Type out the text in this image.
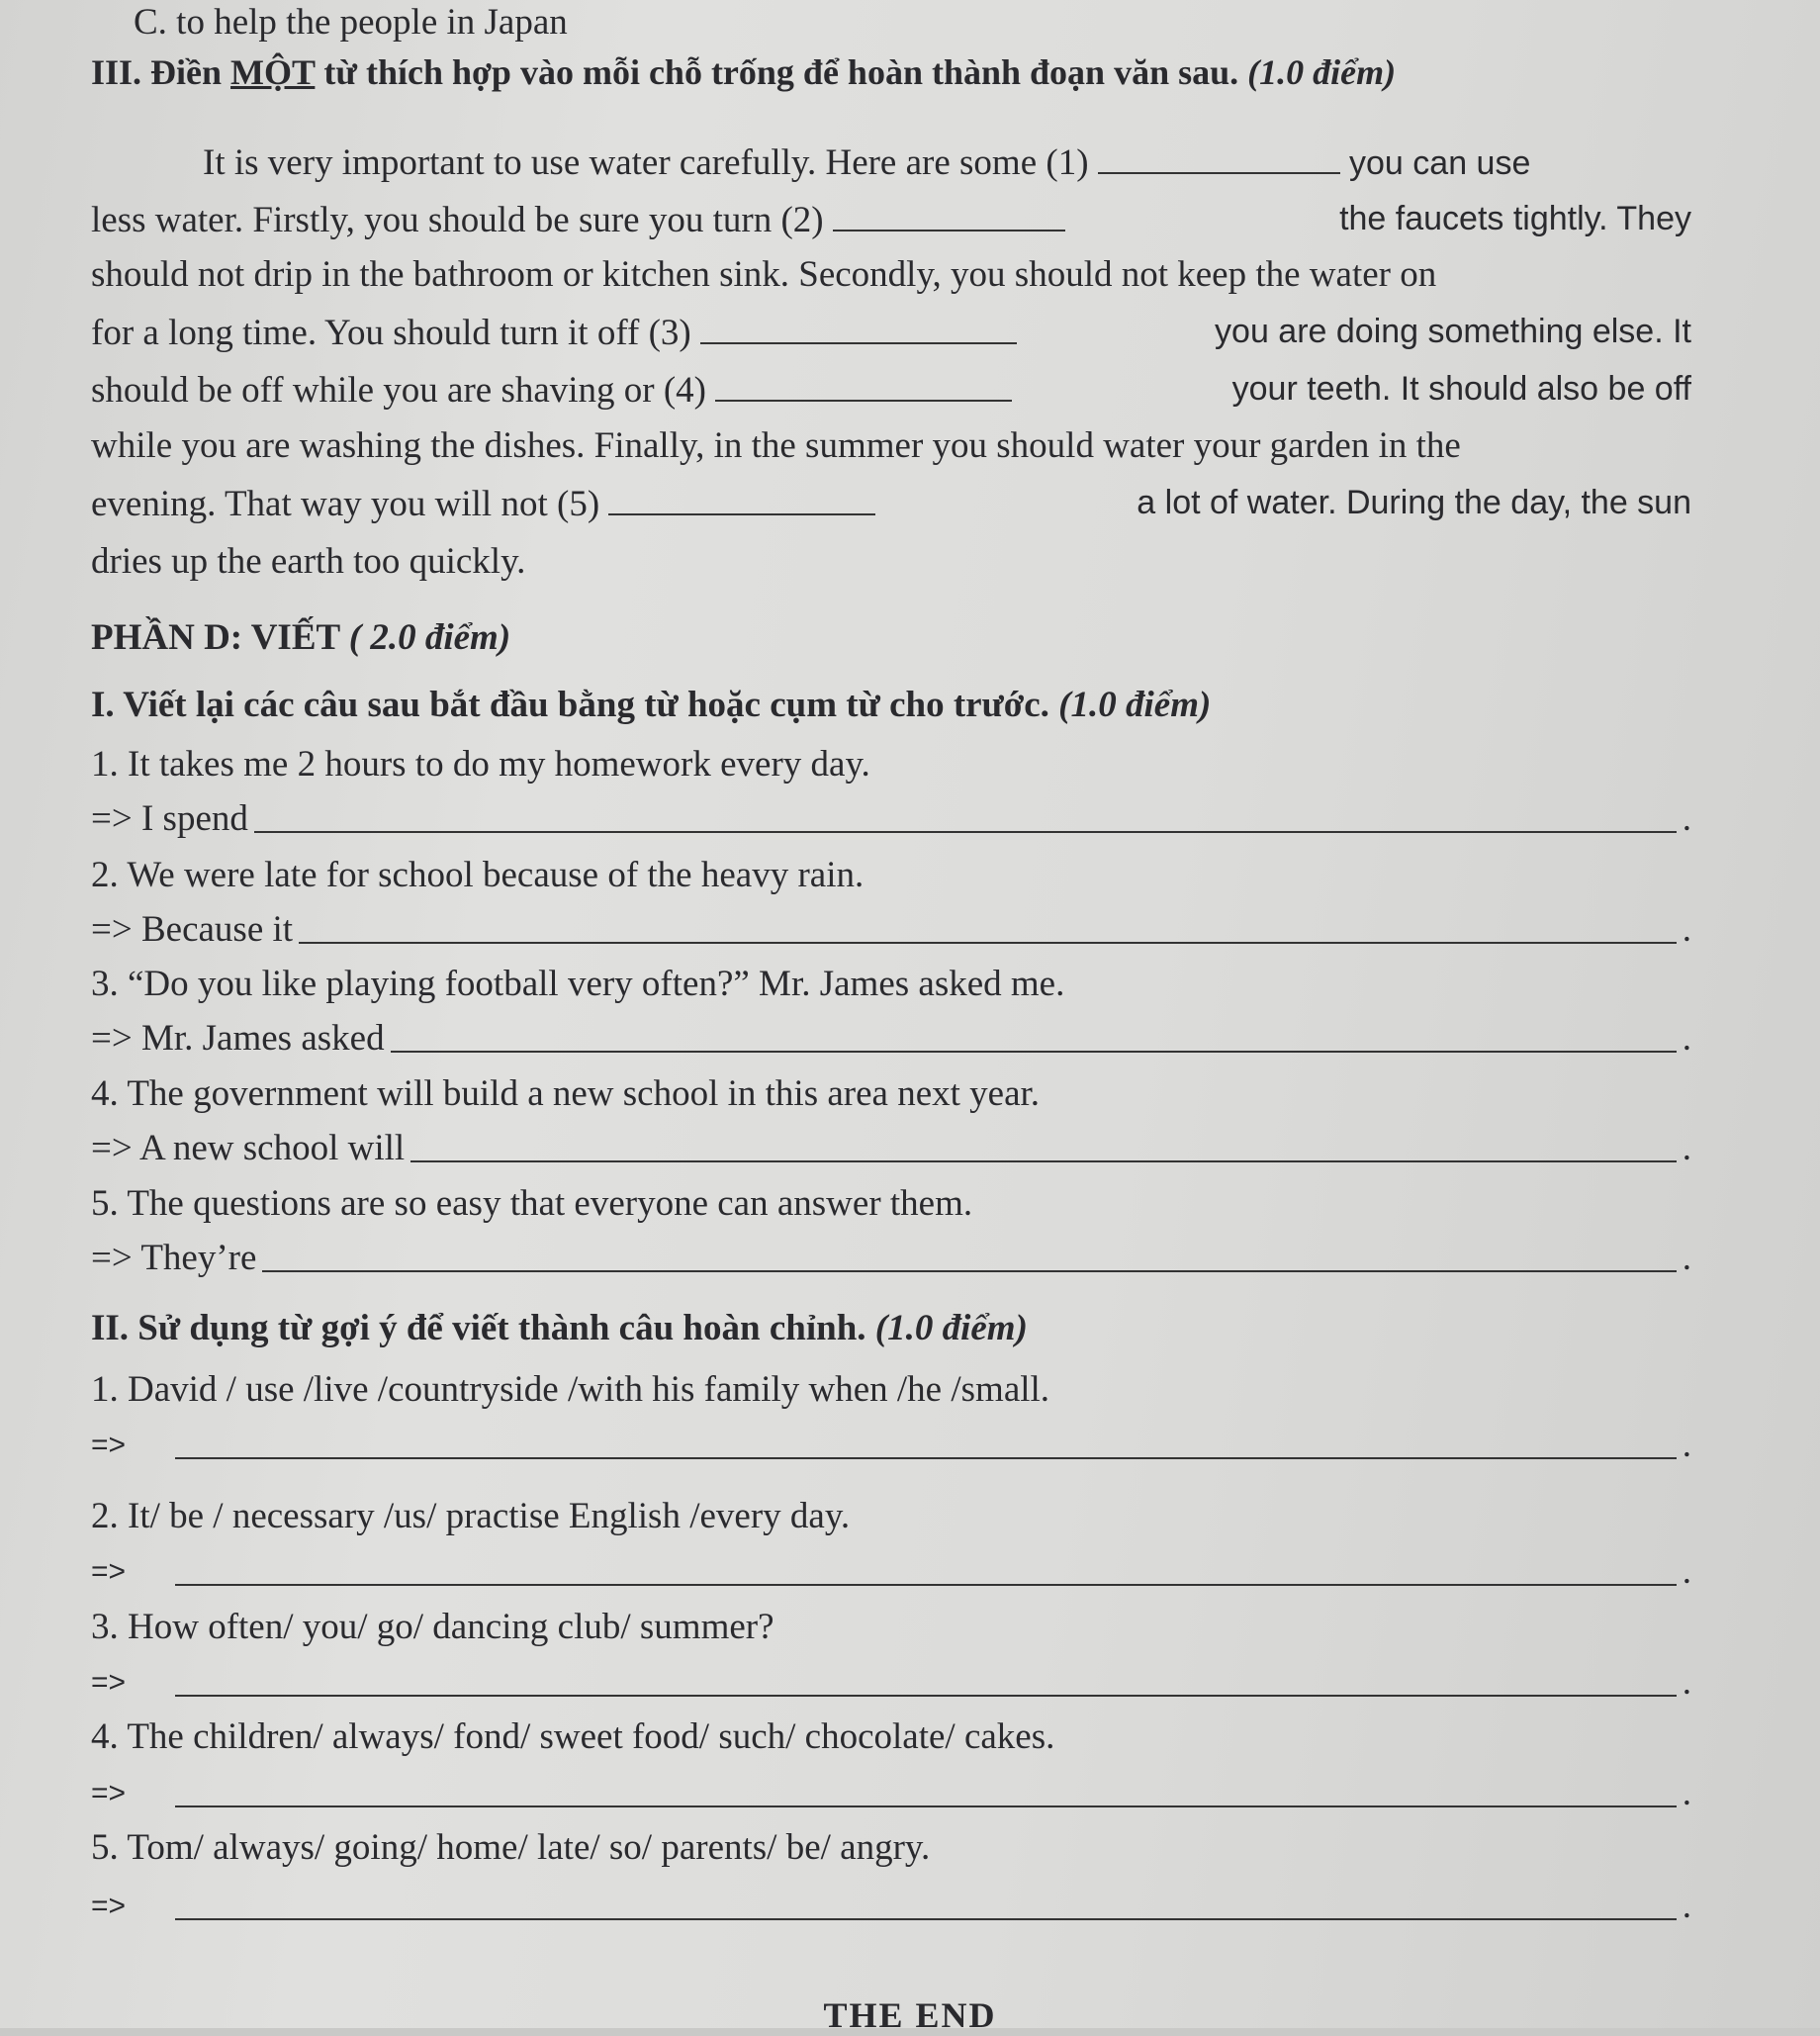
C. to help the people in Japan
III. Điền MỘT từ thích hợp vào mỗi chỗ trống để hoàn thành đoạn văn sau. (1.0 điểm)
It is very important to use water carefully. Here are some (1)	you can use
less water. Firstly, you should be sure you turn (2)	the faucets tightly. They
should not drip in the bathroom or kitchen sink. Secondly, you should not keep the water on
for a long time. You should turn it off (3)	you are doing something else. It
should be off while you are shaving or (4)	your teeth. It should also be off
while you are washing the dishes. Finally, in the summer you should water your garden in the
evening. That way you will not (5)	a lot of water. During the day, the sun
dries up the earth too quickly.
PHẦN D: VIẾT ( 2.0 điểm)
I. Viết lại các câu sau bắt đầu bằng từ hoặc cụm từ cho trước. (1.0 điểm)
1. It takes me 2 hours to do my homework every day.
=> I spend	.
2. We were late for school because of the heavy rain.
=> Because it	.
3. “Do you like playing football very often?” Mr. James asked me.
=> Mr. James asked	.
4. The government will build a new school in this area next year.
=> A new school will	.
5. The questions are so easy that everyone can answer them.
=> They’re	.
II. Sử dụng từ gợi ý để viết thành câu hoàn chỉnh. (1.0 điểm)
1. David / use /live /countryside /with his family when /he /small.
=>	.
2. It/ be / necessary /us/ practise English /every day.
=>	.
3. How often/ you/ go/ dancing club/ summer?
=>	.
4. The children/ always/ fond/ sweet food/ such/ chocolate/ cakes.
=>	.
5. Tom/ always/ going/ home/ late/ so/ parents/ be/ angry.
=>	.
THE END
